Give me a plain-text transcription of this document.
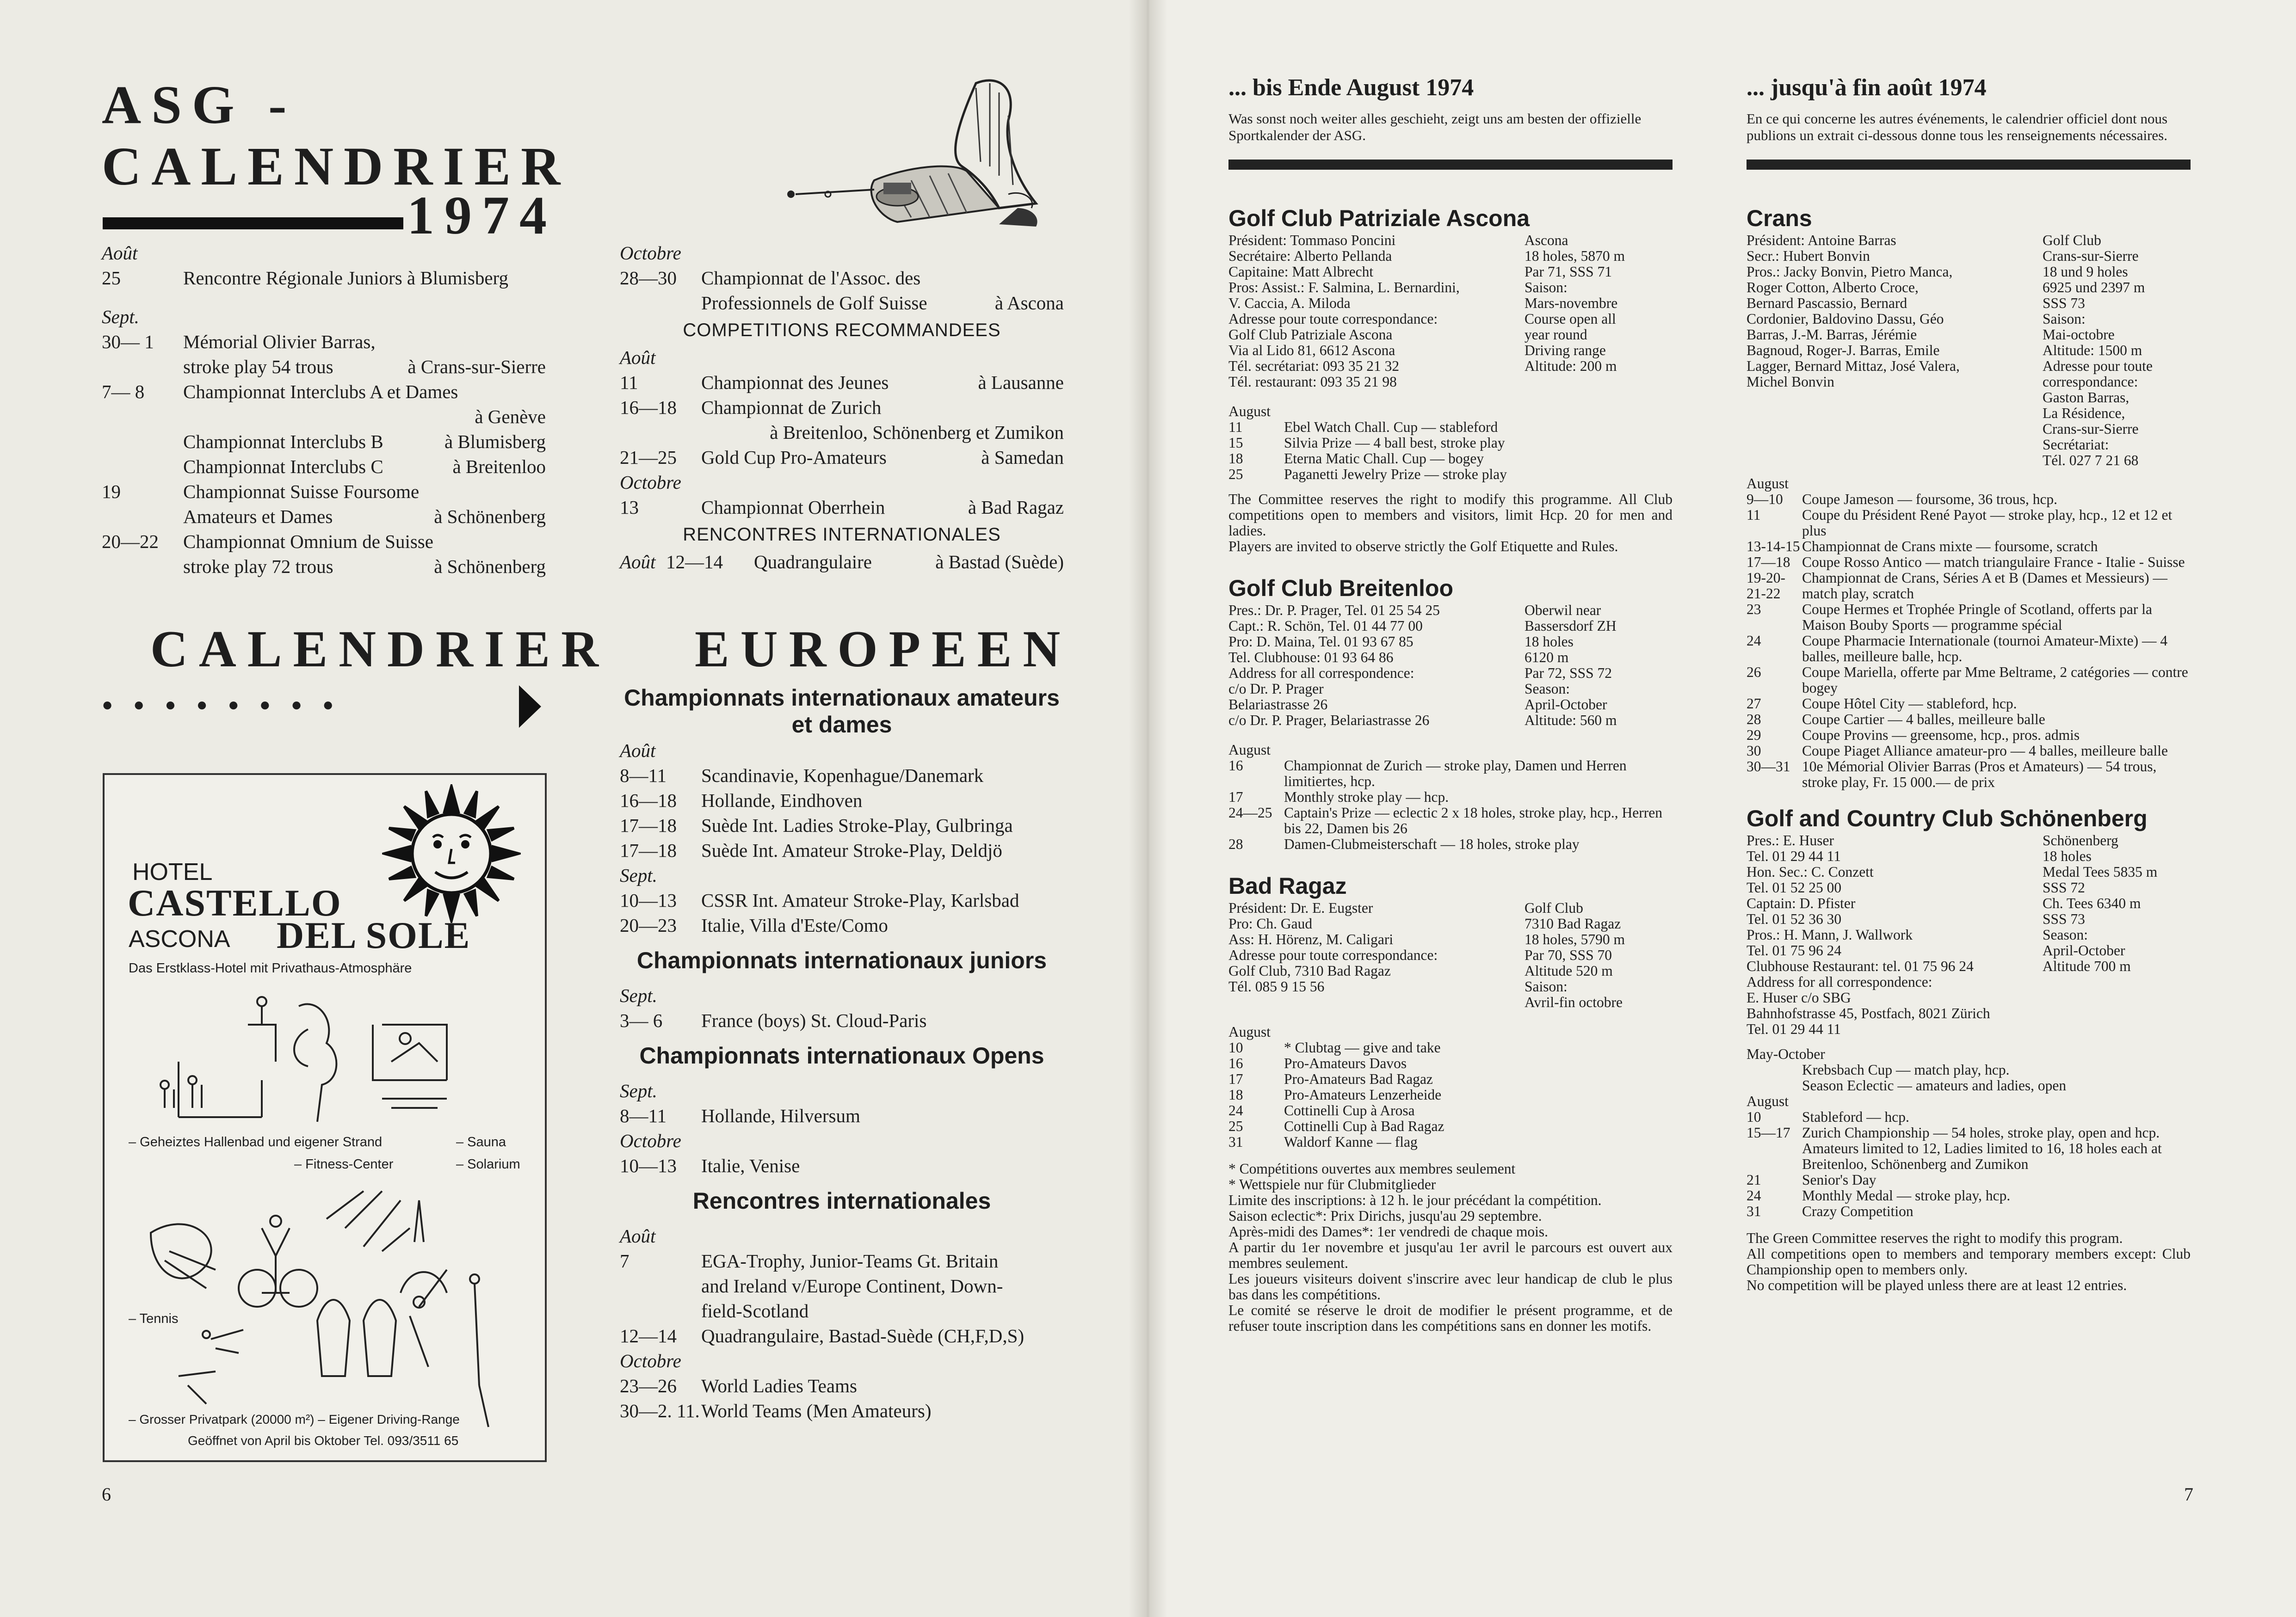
ASG -
CALENDRIER
1974
Août
25	Rencontre Régionale Juniors à Blumisberg
Sept.
30— 1 Mémorial Olivier Barras,
stroke play 54 trous	à Crans-sur-Sierre
7— 8 Championnat Interclubs A et Dames
à Genève
Championnat Interclubs B	à Blumisberg
Championnat Interclubs C	à Breitenloo
19	Championnat Suisse Foursome
Amateurs et Dames	à Schönenberg
20—22 Championnat Omnium de Suisse
stroke play 72 trous	à Schönenberg
Octobre
28—30 Championnat de l'Assoc. des
Professionnels de Golf Suisse	à Ascona
COMPETITIONS RECOMMANDEES
Août
11	Championnat des Jeunes	à Lausanne
16—18 Championnat de Zurich
à Breitenloo, Schönenberg et Zumikon
21—25 Gold Cup Pro-Amateurs	à Samedan
Octobre
13	Championnat Oberrhein	à Bad Ragaz
RENCONTRES INTERNATIONALES
Août 12—14 Quadrangulaire	à Bastad (Suède)
CALENDRIER EUROPEEN
●●●●●●●●
HOTEL
CASTELLO
ASCONA DEL SOLE
Das Erstklass-Hotel mit Privathaus-Atmosphäre
– Geheiztes Hallenbad und eigener Strand	– Sauna
– Fitness-Center	– Solarium
– Tennis
– Grosser Privatpark (20000 m²) – Eigener Driving-Range
Geöffnet von April bis Oktober Tel. 093/3511 65
Championnats internationaux amateurs et dames
Août
8—11 Scandinavie, Kopenhague/Danemark
16—18 Hollande, Eindhoven
17—18 Suède Int. Ladies Stroke-Play, Gulbringa
17—18 Suède Int. Amateur Stroke-Play, Deldjö
Sept.
10—13 CSSR Int. Amateur Stroke-Play, Karlsbad
20—23 Italie, Villa d'Este/Como
Championnats internationaux juniors
Sept.
3— 6 France (boys) St. Cloud-Paris
Championnats internationaux Opens
Sept.
8—11 Hollande, Hilversum
Octobre
10—13 Italie, Venise
Rencontres internationales
Août
7	EGA-Trophy, Junior-Teams Gt. Britain
and Ireland v/Europe Continent, Down-
field-Scotland
12—14 Quadrangulaire, Bastad-Suède (CH,F,D,S)
Octobre
23—26 World Ladies Teams
30—2. 11. World Teams (Men Amateurs)
6
... bis Ende August 1974
Was sonst noch weiter alles geschieht, zeigt uns am besten der offizielle Sportkalender der ASG.
... jusqu'à fin août 1974
En ce qui concerne les autres événements, le calendrier officiel dont nous publions un extrait ci-dessous donne tous les renseignements nécessaires.
Golf Club Patriziale Ascona
Président: Tommaso Poncini
Secrétaire: Alberto Pellanda
Capitaine: Matt Albrecht
Pros: Assist.: F. Salmina, L. Bernardini,
V. Caccia, A. Miloda
Adresse pour toute correspondance:
Golf Club Patriziale Ascona
Via al Lido 81, 6612 Ascona
Tél. secrétariat: 093 35 21 32
Tél. restaurant: 093 35 21 98
Ascona
18 holes, 5870 m
Par 71, SSS 71
Saison:
Mars-novembre
Course open all
year round
Driving range
Altitude: 200 m
August
11	Ebel Watch Chall. Cup — stableford
15	Silvia Prize — 4 ball best, stroke play
18	Eterna Matic Chall. Cup — bogey
25	Paganetti Jewelry Prize — stroke play
The Committee reserves the right to modify this programme. All Club competitions open to members and visitors, limit Hcp. 20 for men and ladies.
Players are invited to observe strictly the Golf Etiquette and Rules.
Golf Club Breitenloo
Pres.: Dr. P. Prager, Tel. 01 25 54 25
Capt.: R. Schön, Tel. 01 44 77 00
Pro: D. Maina, Tel. 01 93 67 85
Tel. Clubhouse: 01 93 64 86
Address for all correspondence:
c/o Dr. P. Prager
Belariastrasse 26
c/o Dr. P. Prager, Belariastrasse 26
Oberwil near
Bassersdorf ZH
18 holes
6120 m
Par 72, SSS 72
Season:
April-October
Altitude: 560 m
August
16	Championnat de Zurich — stroke play, Damen und Herren limitiertes, hcp.
17	Monthly stroke play — hcp.
24—25 Captain's Prize — eclectic 2 x 18 holes, stroke play, hcp., Herren bis 22, Damen bis 26
28	Damen-Clubmeisterschaft — 18 holes, stroke play
Bad Ragaz
Président: Dr. E. Eugster
Pro: Ch. Gaud
Ass: H. Hörenz, M. Caligari
Adresse pour toute correspondance:
Golf Club, 7310 Bad Ragaz
Tél. 085 9 15 56
Golf Club
7310 Bad Ragaz
18 holes, 5790 m
Par 70, SSS 70
Altitude 520 m
Saison:
Avril-fin octobre
August
10	* Clubtag — give and take
16	Pro-Amateurs Davos
17	Pro-Amateurs Bad Ragaz
18	Pro-Amateurs Lenzerheide
24	Cottinelli Cup à Arosa
25	Cottinelli Cup à Bad Ragaz
31	Waldorf Kanne — flag
* Compétitions ouvertes aux membres seulement
* Wettspiele nur für Clubmitglieder
Limite des inscriptions: à 12 h. le jour précédant la compétition.
Saison eclectic*: Prix Dirichs, jusqu'au 29 septembre.
Après-midi des Dames*: 1er vendredi de chaque mois.
A partir du 1er novembre et jusqu'au 1er avril le parcours est ouvert aux membres seulement.
Les joueurs visiteurs doivent s'inscrire avec leur handicap de club le plus bas dans les compétitions.
Le comité se réserve le droit de modifier le présent programme, et de refuser toute inscription dans les compétitions sans en donner les motifs.
Crans
Président: Antoine Barras
Secr.: Hubert Bonvin
Pros.: Jacky Bonvin, Pietro Manca,
Roger Cotton, Alberto Croce,
Bernard Pascassio, Bernard
Cordonier, Baldovino Dassu, Géo
Barras, J.-M. Barras, Jérémie
Bagnoud, Roger-J. Barras, Emile
Lagger, Bernard Mittaz, José Valera,
Michel Bonvin
Golf Club
Crans-sur-Sierre
18 und 9 holes
6925 und 2397 m
SSS 73
Saison:
Mai-octobre
Altitude: 1500 m
Adresse pour toute
correspondance:
Gaston Barras,
La Résidence,
Crans-sur-Sierre
Secrétariat:
Tél. 027 7 21 68
August
9—10	Coupe Jameson — foursome, 36 trous, hcp.
11	Coupe du Président René Payot — stroke play, hcp., 12 et 12 et plus
13-14-15 Championnat de Crans mixte — foursome, scratch
17—18 Coupe Rosso Antico — match triangulaire France - Italie - Suisse
19-20-21-22
Championnat de Crans, Séries A et B (Dames et Messieurs) — match play, scratch
23	Coupe Hermes et Trophée Pringle of Scotland, offerts par la Maison Bouby Sports — programme spécial
24	Coupe Pharmacie Internationale (tournoi Amateur-Mixte) — 4 balles, meilleure balle, hcp.
26	Coupe Mariella, offerte par Mme Beltrame, 2 catégories — contre bogey
27	Coupe Hôtel City — stableford, hcp.
28	Coupe Cartier — 4 balles, meilleure balle
29	Coupe Provins — greensome, hcp., pros. admis
30	Coupe Piaget Alliance amateur-pro — 4 balles, meilleure balle
30—31 10e Mémorial Olivier Barras (Pros et Amateurs) — 54 trous, stroke play, Fr. 15 000.— de prix
Golf and Country Club Schönenberg
Pres.: E. Huser
Tel. 01 29 44 11
Hon. Sec.: C. Conzett
Tel. 01 52 25 00
Captain: D. Pfister
Tel. 01 52 36 30
Pros.: H. Mann, J. Wallwork
Tel. 01 75 96 24
Clubhouse Restaurant: tel. 01 75 96 24
Address for all correspondence:
E. Huser c/o SBG
Bahnhofstrasse 45, Postfach, 8021 Zürich
Tel. 01 29 44 11
Schönenberg
18 holes
Medal Tees 5835 m
SSS 72
Ch. Tees 6340 m
SSS 73
Season:
April-October
Altitude 700 m
May-October
Krebsbach Cup — match play, hcp.
Season Eclectic — amateurs and ladies, open
August
10	Stableford — hcp.
15—17 Zurich Championship — 54 holes, stroke play, open and hcp. Amateurs limited to 12, Ladies limited to 16, 18 holes each at Breitenloo, Schönenberg and Zumikon
21	Senior's Day
24	Monthly Medal — stroke play, hcp.
31	Crazy Competition
The Green Committee reserves the right to modify this program.
All competitions open to members and temporary members except: Club Championship open to members only.
No competition will be played unless there are at least 12 entries.
7
